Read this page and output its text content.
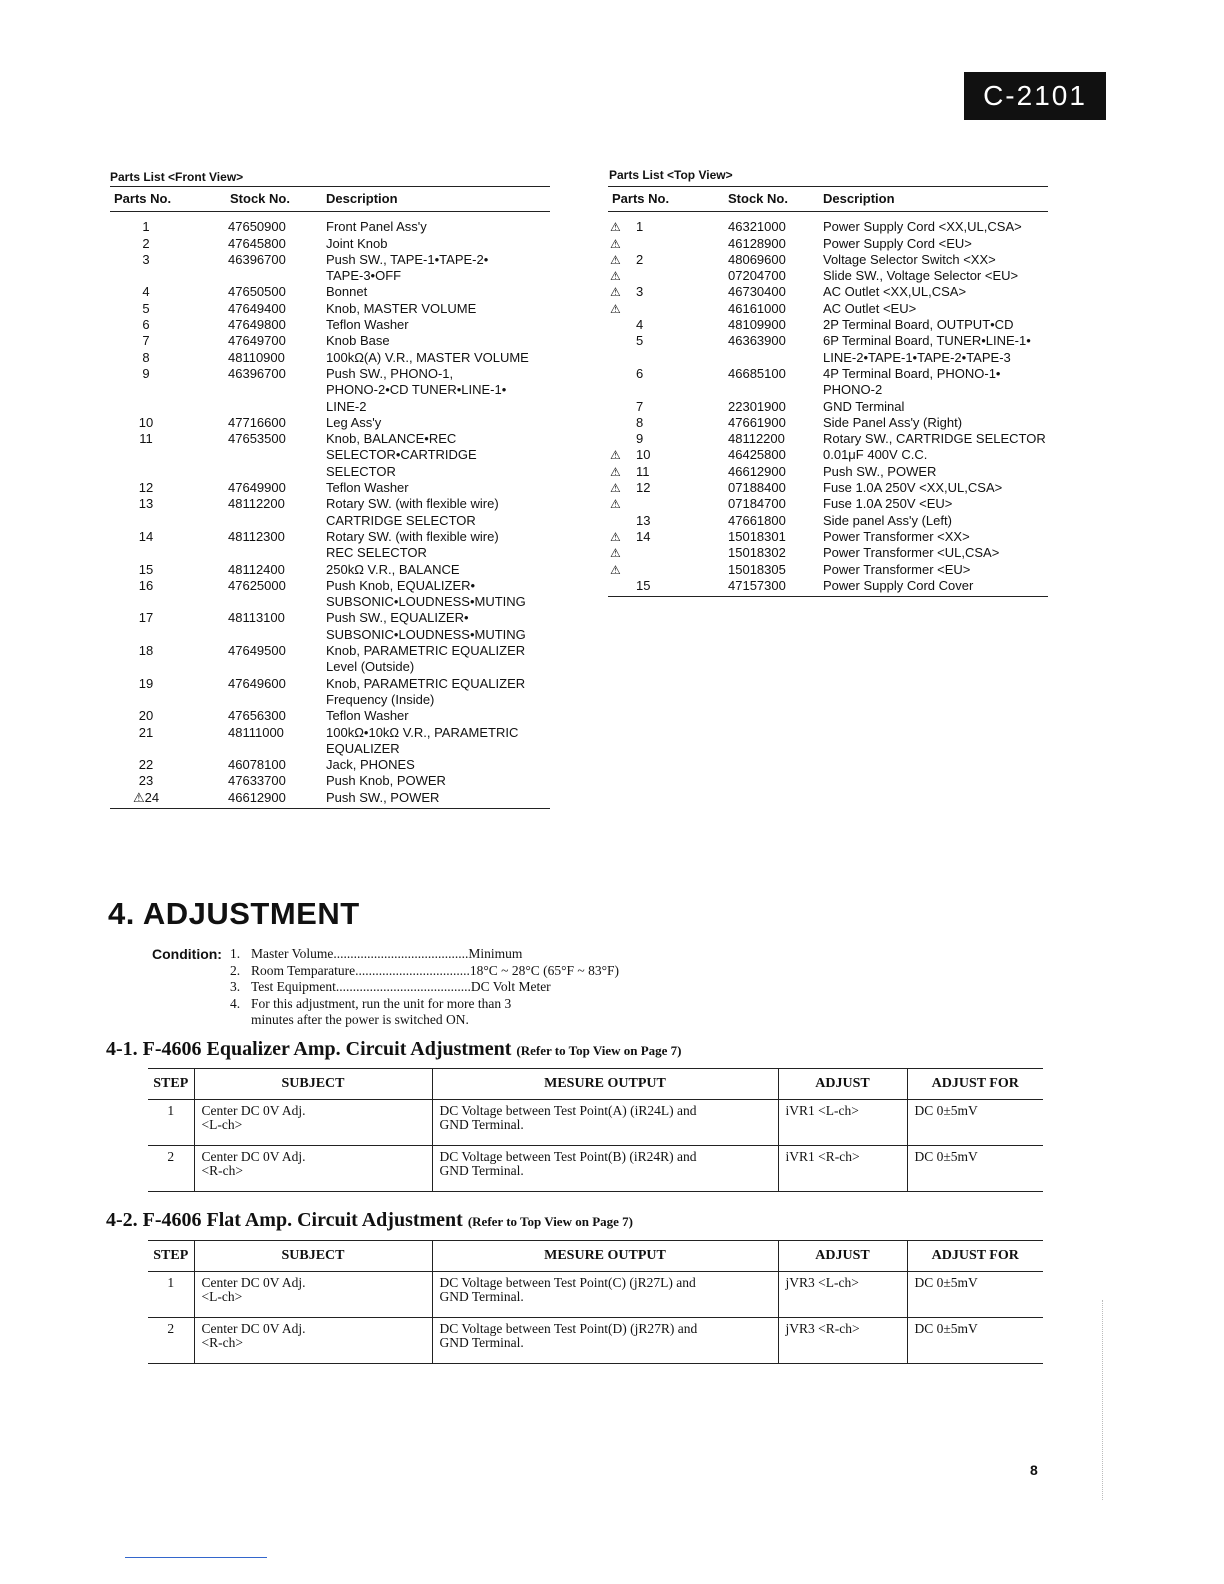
C-2101
Parts List <Front View>
Parts No.	Stock No.	Description
1	47650900	Front Panel Ass'y
2	47645800	Joint Knob
3	46396700	Push SW., TAPE-1•TAPE-2•
TAPE-3•OFF
4	47650500	Bonnet
5	47649400	Knob, MASTER VOLUME
6	47649800	Teflon Washer
7	47649700	Knob Base
8	48110900	100kΩ(A) V.R., MASTER VOLUME
9	46396700	Push SW., PHONO-1,
PHONO-2•CD TUNER•LINE-1•
LINE-2
10	47716600	Leg Ass'y
11	47653500	Knob, BALANCE•REC
SELECTOR•CARTRIDGE SELECTOR
12	47649900	Teflon Washer
13	48112200	Rotary SW. (with flexible wire)
CARTRIDGE SELECTOR
14	48112300	Rotary SW. (with flexible wire)
REC SELECTOR
15	48112400	250kΩ V.R., BALANCE
16	47625000	Push Knob, EQUALIZER•
SUBSONIC•LOUDNESS•MUTING
17	48113100	Push SW., EQUALIZER•
SUBSONIC•LOUDNESS•MUTING
18	47649500	Knob, PARAMETRIC EQUALIZER
Level (Outside)
19	47649600	Knob, PARAMETRIC EQUALIZER
Frequency (Inside)
20	47656300	Teflon Washer
21	48111000	100kΩ•10kΩ V.R., PARAMETRIC
EQUALIZER
22	46078100	Jack, PHONES
23	47633700	Push Knob, POWER
⚠24	46612900	Push SW., POWER
Parts List <Top View>
Parts No.	Stock No.	Description
⚠ 1	46321000	Power Supply Cord <XX,UL,CSA>
⚠	46128900	Power Supply Cord <EU>
⚠ 2	48069600	Voltage Selector Switch <XX>
⚠	07204700	Slide SW., Voltage Selector <EU>
⚠ 3	46730400	AC Outlet <XX,UL,CSA>
⚠	46161000	AC Outlet <EU>
4	48109900	2P Terminal Board, OUTPUT•CD
5	46363900	6P Terminal Board, TUNER•LINE-1•
LINE-2•TAPE-1•TAPE-2•TAPE-3
6	46685100	4P Terminal Board, PHONO-1•
PHONO-2
7	22301900	GND Terminal
8	47661900	Side Panel Ass'y (Right)
9	48112200	Rotary SW., CARTRIDGE SELECTOR
⚠ 10	46425800	0.01μF 400V C.C.
⚠ 11	46612900	Push SW., POWER
⚠ 12	07188400	Fuse 1.0A 250V <XX,UL,CSA>
⚠	07184700	Fuse 1.0A 250V <EU>
13	47661800	Side panel Ass'y (Left)
⚠ 14	15018301	Power Transformer <XX>
⚠	15018302	Power Transformer <UL,CSA>
⚠	15018305	Power Transformer <EU>
15	47157300	Power Supply Cord Cover
4. ADJUSTMENT
Condition: 1. Master Volume ........................................ Minimum
2. Room Temparature .................................. 18°C ~ 28°C (65°F ~ 83°F)
3. Test Equipment ........................................ DC Volt Meter
4. For this adjustment, run the unit for more than 3
minutes after the power is switched ON.
4-1. F-4606 Equalizer Amp. Circuit Adjustment (Refer to Top View on Page 7)
STEP	SUBJECT	MESURE OUTPUT	ADJUST	ADJUST FOR
1	Center DC 0V Adj.
<L-ch>	DC Voltage between Test Point(A) (iR24L) and
GND Terminal.	iVR1 <L-ch>	DC 0±5mV
2	Center DC 0V Adj.
<R-ch>	DC Voltage between Test Point(B) (iR24R) and
GND Terminal.	iVR1 <R-ch>	DC 0±5mV
4-2. F-4606 Flat Amp. Circuit Adjustment (Refer to Top View on Page 7)
STEP	SUBJECT	MESURE OUTPUT	ADJUST	ADJUST FOR
1	Center DC 0V Adj.
<L-ch>	DC Voltage between Test Point(C) (jR27L) and
GND Terminal.	jVR3 <L-ch>	DC 0±5mV
2	Center DC 0V Adj.
<R-ch>	DC Voltage between Test Point(D) (jR27R) and
GND Terminal.	jVR3 <R-ch>	DC 0±5mV
8
